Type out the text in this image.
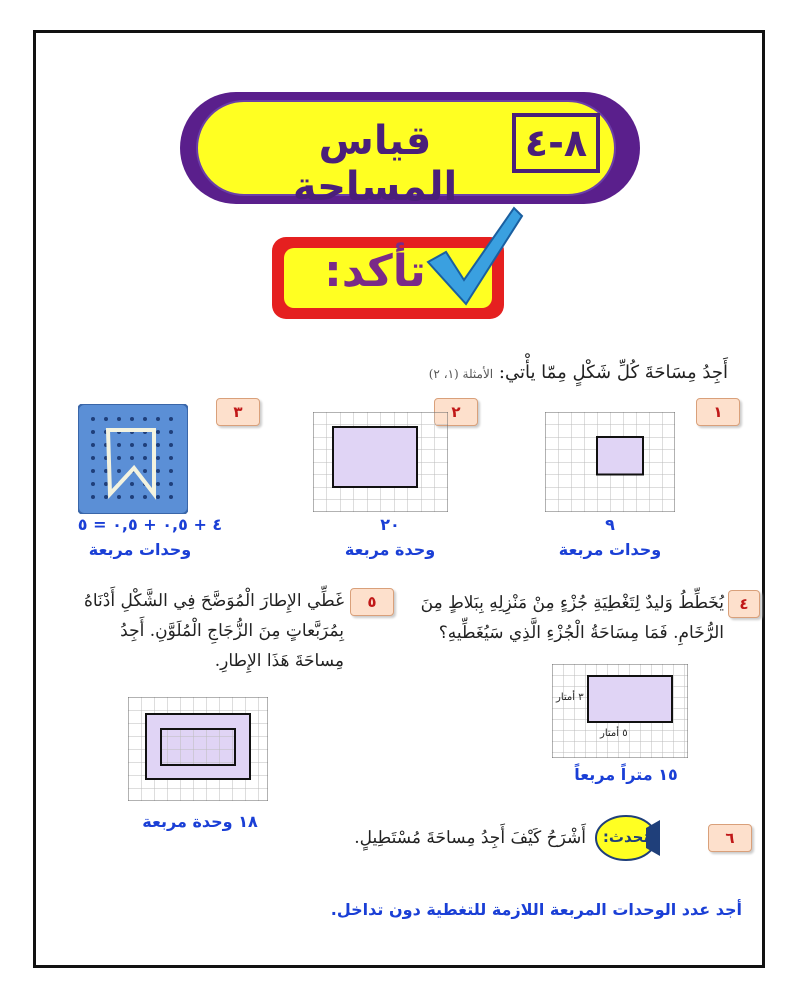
قياس المساحة
٨-٤
تأكد:
أَجِدُ مِسَاحَةَ كُلِّ شَكْلٍ مِمّا يأْتي: الأمثلة (١، ٢)
١
٩
وحدات مربعة
٢
٢٠
وحدة مربعة
٣
٤ + ٠,٥ + ٠,٥ = ٥
وحدات مربعة
٤
يُخَطِّطُ وَليدٌ لِتَغْطِيَةِ جُزْءٍ مِنْ مَنْزِلِهِ بِبَلاطٍ مِنَ
الرُّخَامِ. فَمَا مِسَاحَةُ الْجُزْءِ الَّذِي سَيُغَطِّيهِ؟
٣ أمتار
٥ أمتار
١٥ متراً مربعاً
٥
غَطِّي الإِطارَ الْمُوَضَّحَ فِي الشَّكْلِ أَدْنَاهُ
بِمُرَبَّعاتٍ مِنَ الزُّجَاجِ الْمُلَوَّنِ. أَجِدُ
مِساحَةَ هَذَا الإِطارِ.
١٨ وحدة مربعة
٦
تحدث:
أَشْرَحُ كَيْفَ أَجِدُ مِساحَةَ مُسْتَطِيلٍ.
أجد عدد الوحدات المربعة اللازمة للتغطية دون تداخل.
